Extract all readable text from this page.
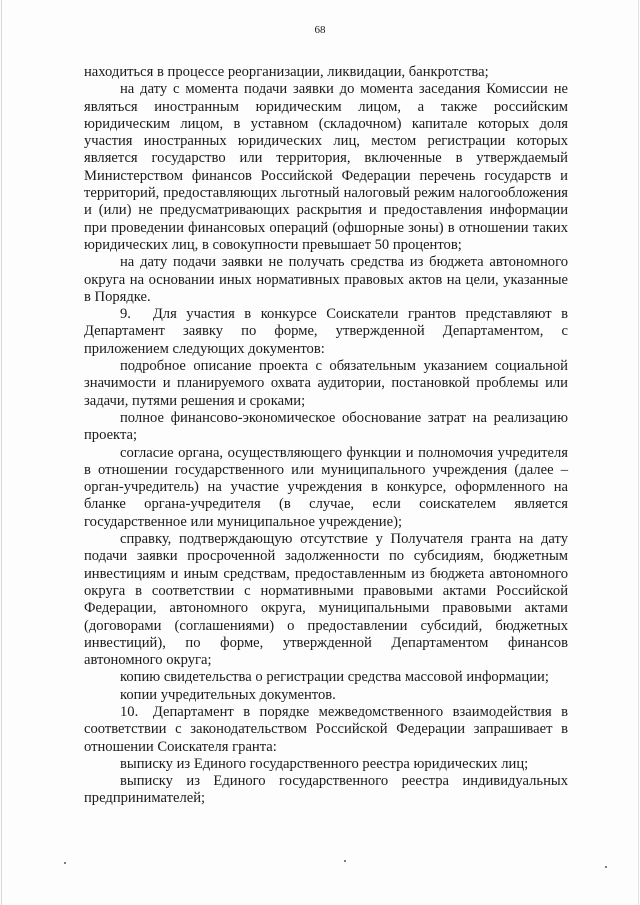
68

находиться в процессе реорганизации, ликвидации, банкротства;

на дату с момента подачи заявки до момента заседания Комиссии не являться иностранным юридическим лицом, а также российским юридическим лицом, в уставном (складочном) капитале которых доля участия иностранных юридических лиц, местом регистрации которых является государство или территория, включенные в утверждаемый Министерством финансов Российской Федерации перечень государств и территорий, предоставляющих льготный налоговый режим налогообложения и (или) не предусматривающих раскрытия и предоставления информации при проведении финансовых операций (офшорные зоны) в отношении таких юридических лиц, в совокупности превышает 50 процентов;

на дату подачи заявки не получать средства из бюджета автономного округа на основании иных нормативных правовых актов на цели, указанные в Порядке.

9.  Для участия в конкурсе Соискатели грантов представляют в Департамент заявку по форме, утвержденной Департаментом, с приложением следующих документов:

подробное описание проекта с обязательным указанием социальной значимости и планируемого охвата аудитории, постановкой проблемы или задачи, путями решения и сроками;

полное финансово-экономическое обоснование затрат на реализацию проекта;

согласие органа, осуществляющего функции и полномочия учредителя в отношении государственного или муниципального учреждения (далее – орган-учредитель) на участие учреждения в конкурсе, оформленного на бланке органа-учредителя (в случае, если соискателем является государственное или муниципальное учреждение);

справку, подтверждающую отсутствие у Получателя гранта на дату подачи заявки просроченной задолженности по субсидиям, бюджетным инвестициям и иным средствам, предоставленным из бюджета автономного округа в соответствии с нормативными правовыми актами Российской Федерации, автономного округа, муниципальными правовыми актами (договорами (соглашениями) о предоставлении субсидий, бюджетных инвестиций), по форме, утвержденной Департаментом финансов автономного округа;

копию свидетельства о регистрации средства массовой информации;

копии учредительных документов.

10. Департамент в порядке межведомственного взаимодействия в соответствии с законодательством Российской Федерации запрашивает в отношении Соискателя гранта:

выписку из Единого государственного реестра юридических лиц;

выписку из Единого государственного реестра индивидуальных предпринимателей;
